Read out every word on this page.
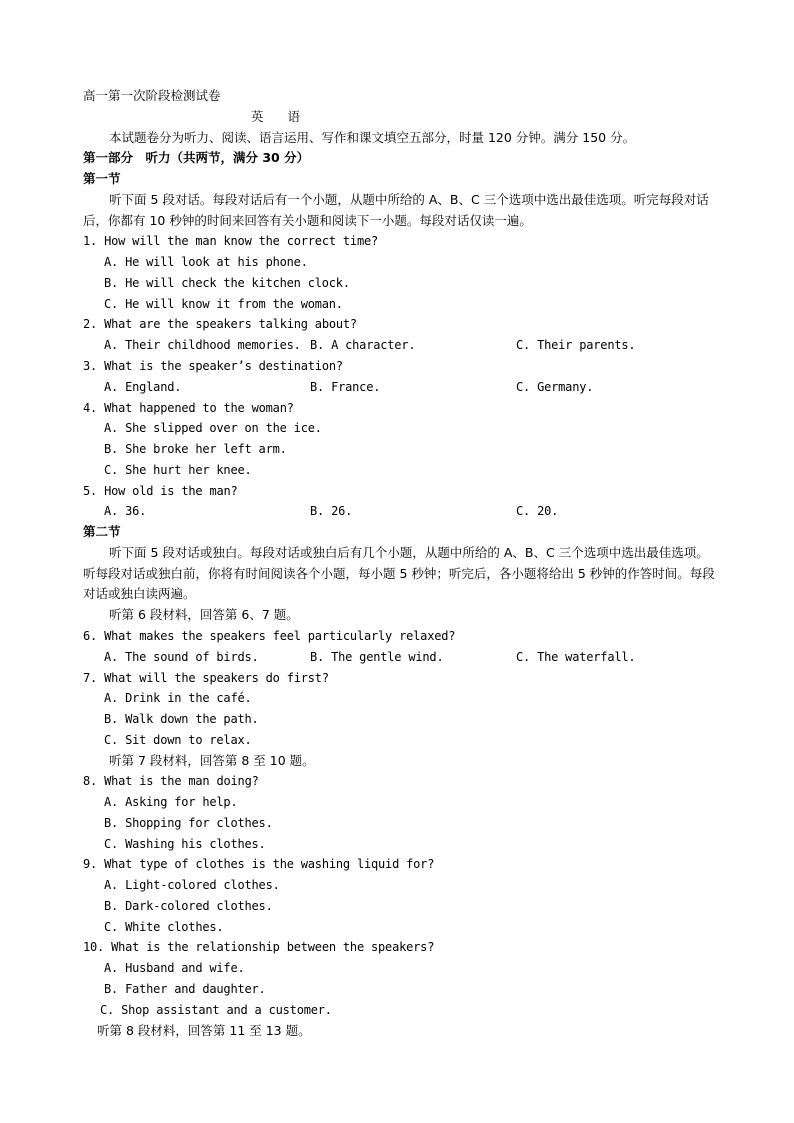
高一第一次阶段检测试卷
英 语
本试题卷分为听力、阅读、语言运用、写作和课文填空五部分，时量 120 分钟。满分 150 分。
第一部分　听力（共两节，满分 30 分）
第一节
听下面 5 段对话。每段对话后有一个小题，从题中所给的 A、B、C 三个选项中选出最佳选项。听完每段对话后，你都有 10 秒钟的时间来回答有关小题和阅读下一小题。每段对话仅读一遍。
1. How will the man know the correct time?
A. He will look at his phone.
B. He will check the kitchen clock.
C. He will know it from the woman.
2. What are the speakers talking about?
A. Their childhood memories. B. A character.	C. Their parents.
3. What is the speaker’s destination?
A. England.	B. France.	C. Germany.
4. What happened to the woman?
A. She slipped over on the ice.
B. She broke her left arm.
C. She hurt her knee.
5. How old is the man?
A. 36.	B. 26.	C. 20.
第二节
听下面 5 段对话或独白。每段对话或独白后有几个小题，从题中所给的 A、B、C 三个选项中选出最佳选项。听每段对话或独白前，你将有时间阅读各个小题，每小题 5 秒钟；听完后，各小题将给出 5 秒钟的作答时间。每段对话或独白读两遍。
听第 6 段材料，回答第 6、7 题。
6. What makes the speakers feel particularly relaxed?
A. The sound of birds.	B. The gentle wind.	C. The waterfall.
7. What will the speakers do first?
A. Drink in the café.
B. Walk down the path.
C. Sit down to relax.
听第 7 段材料，回答第 8 至 10 题。
8. What is the man doing?
A. Asking for help.
B. Shopping for clothes.
C. Washing his clothes.
9. What type of clothes is the washing liquid for?
A. Light-colored clothes.
B. Dark-colored clothes.
C. White clothes.
10. What is the relationship between the speakers?
A. Husband and wife.
B. Father and daughter.
C. Shop assistant and a customer.
听第 8 段材料，回答第 11 至 13 题。
